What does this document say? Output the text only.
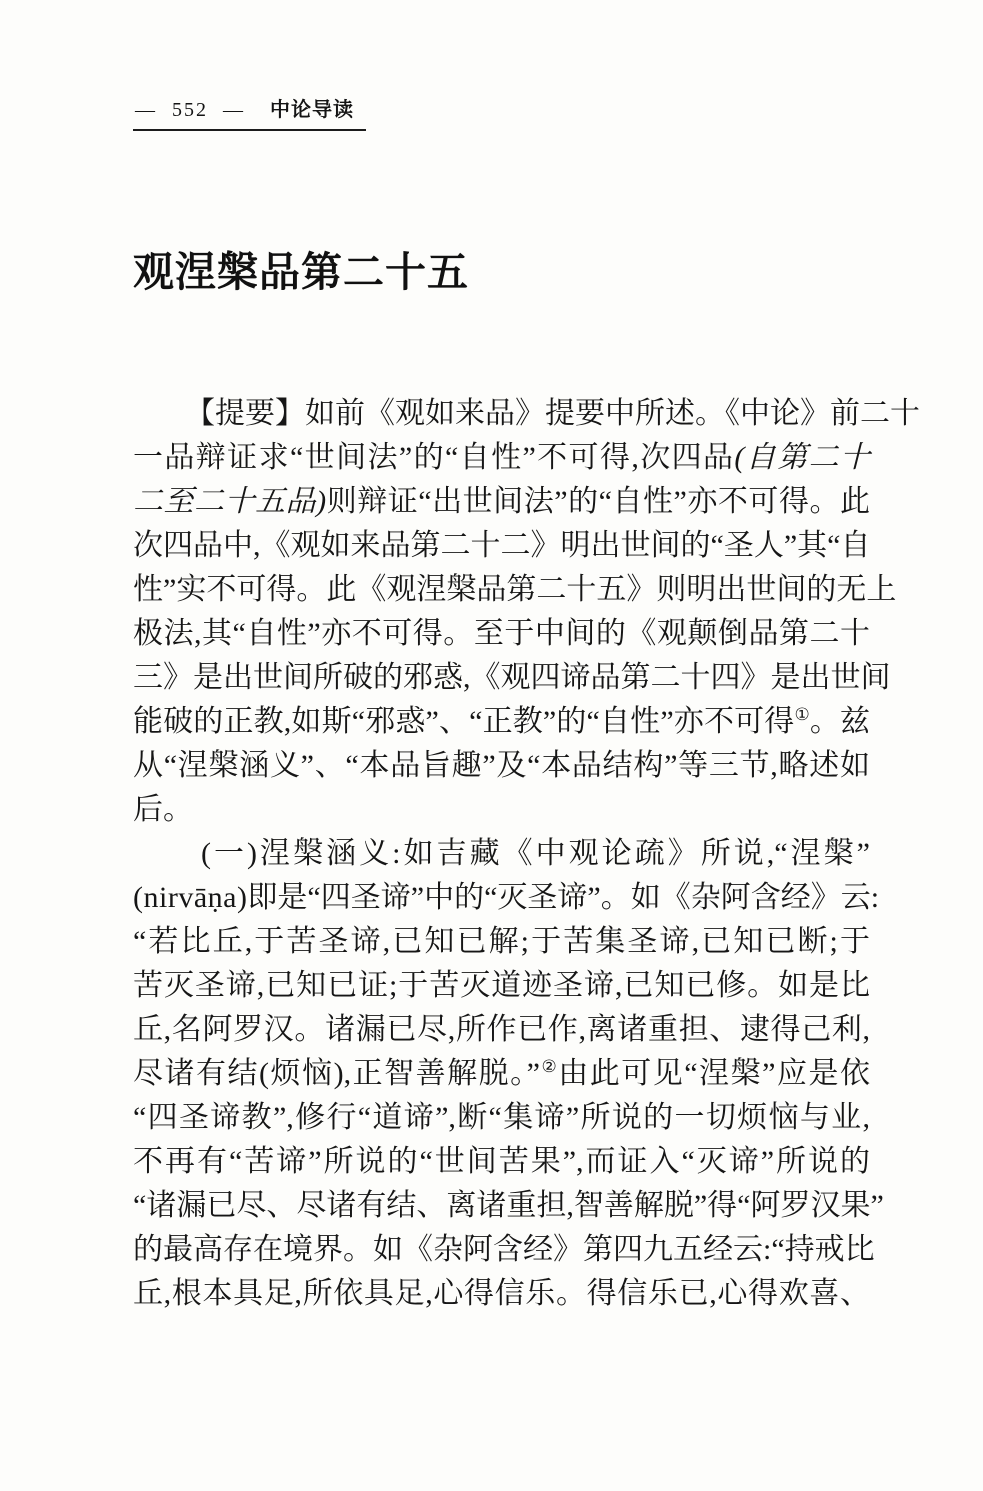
— 552 — 中论导读
观涅槃品第二十五
【提要】如前《观如来品》提要中所述。《中论》前二十
一品辩证求“世间法”的“自性”不可得,次四品(自第二十
二至二十五品)则辩证“出世间法”的“自性”亦不可得。此
次四品中,《观如来品第二十二》明出世间的“圣人”其“自
性”实不可得。此《观涅槃品第二十五》则明出世间的无上
极法,其“自性”亦不可得。至于中间的《观颠倒品第二十
三》是出世间所破的邪惑,《观四谛品第二十四》是出世间
能破的正教,如斯“邪惑”、“正教”的“自性”亦不可得①。兹
从“涅槃涵义”、“本品旨趣”及“本品结构”等三节,略述如
后。
(一)涅槃涵义:如吉藏《中观论疏》所说,“涅槃”
(nirvāṇa)即是“四圣谛”中的“灭圣谛”。如《杂阿含经》云:
“若比丘,于苦圣谛,已知已解;于苦集圣谛,已知已断;于
苦灭圣谛,已知已证;于苦灭道迹圣谛,已知已修。如是比
丘,名阿罗汉。诸漏已尽,所作已作,离诸重担、逮得己利,
尽诸有结(烦恼),正智善解脱。”②由此可见“涅槃”应是依
“四圣谛教”,修行“道谛”,断“集谛”所说的一切烦恼与业,
不再有“苦谛”所说的“世间苦果”,而证入“灭谛”所说的
“诸漏已尽、尽诸有结、离诸重担,智善解脱”得“阿罗汉果”
的最高存在境界。如《杂阿含经》第四九五经云:“持戒比
丘,根本具足,所依具足,心得信乐。得信乐已,心得欢喜、
